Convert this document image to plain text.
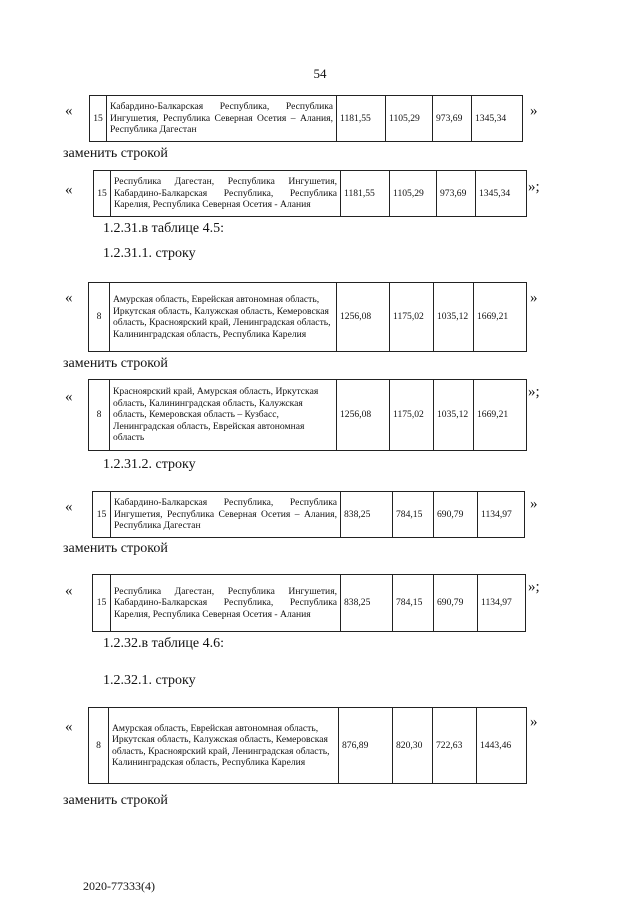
54
« 15	Кабардино-Балкарская Республика, Республика Ингушетия, Республика Северная Осетия – Алания, Республика Дагестан	1181,55	1105,29	973,69	1345,34 »
заменить строкой
«	15	Республика Дагестан, Республика Ингушетия, Кабардино-Балкарская Республика, Республика Карелия, Республика Северная Осетия - Алания	1181,55	1105,29	973,69	1345,34 »;
1.2.31.в таблице 4.5:
1.2.31.1. строку
«
8	Амурская область, Еврейская автономная область, Иркутская область, Калужская область, Кемеровская область, Красноярский край, Ленинградская область, Калининградская область, Республика Карелия	1256,08	1175,02	1035,12	1669,21
»
заменить строкой
«
8	Красноярский край, Амурская область, Иркутская область, Калининградская область, Калужская область, Кемеровская область – Кузбасс, Ленинградская область, Еврейская автономная область	1256,08	1175,02	1035,12	1669,21
»;
1.2.31.2. строку
«	15	Кабардино-Балкарская Республика, Республика Ингушетия, Республика Северная Осетия – Алания, Республика Дагестан	838,25	784,15	690,79	1134,97
»
заменить строкой
«
15	Республика Дагестан, Республика Ингушетия, Кабардино-Балкарская Республика, Республика Карелия, Республика Северная Осетия - Алания	838,25	784,15	690,79	1134,97
»;
1.2.32.в таблице 4.6:
1.2.32.1. строку
«
8	Амурская область, Еврейская автономная область, Иркутская область, Калужская область, Кемеровская область, Красноярский край, Ленинградская область, Калининградская область, Республика Карелия	876,89	820,30	722,63	1443,46
»
заменить строкой
2020-77333(4)
